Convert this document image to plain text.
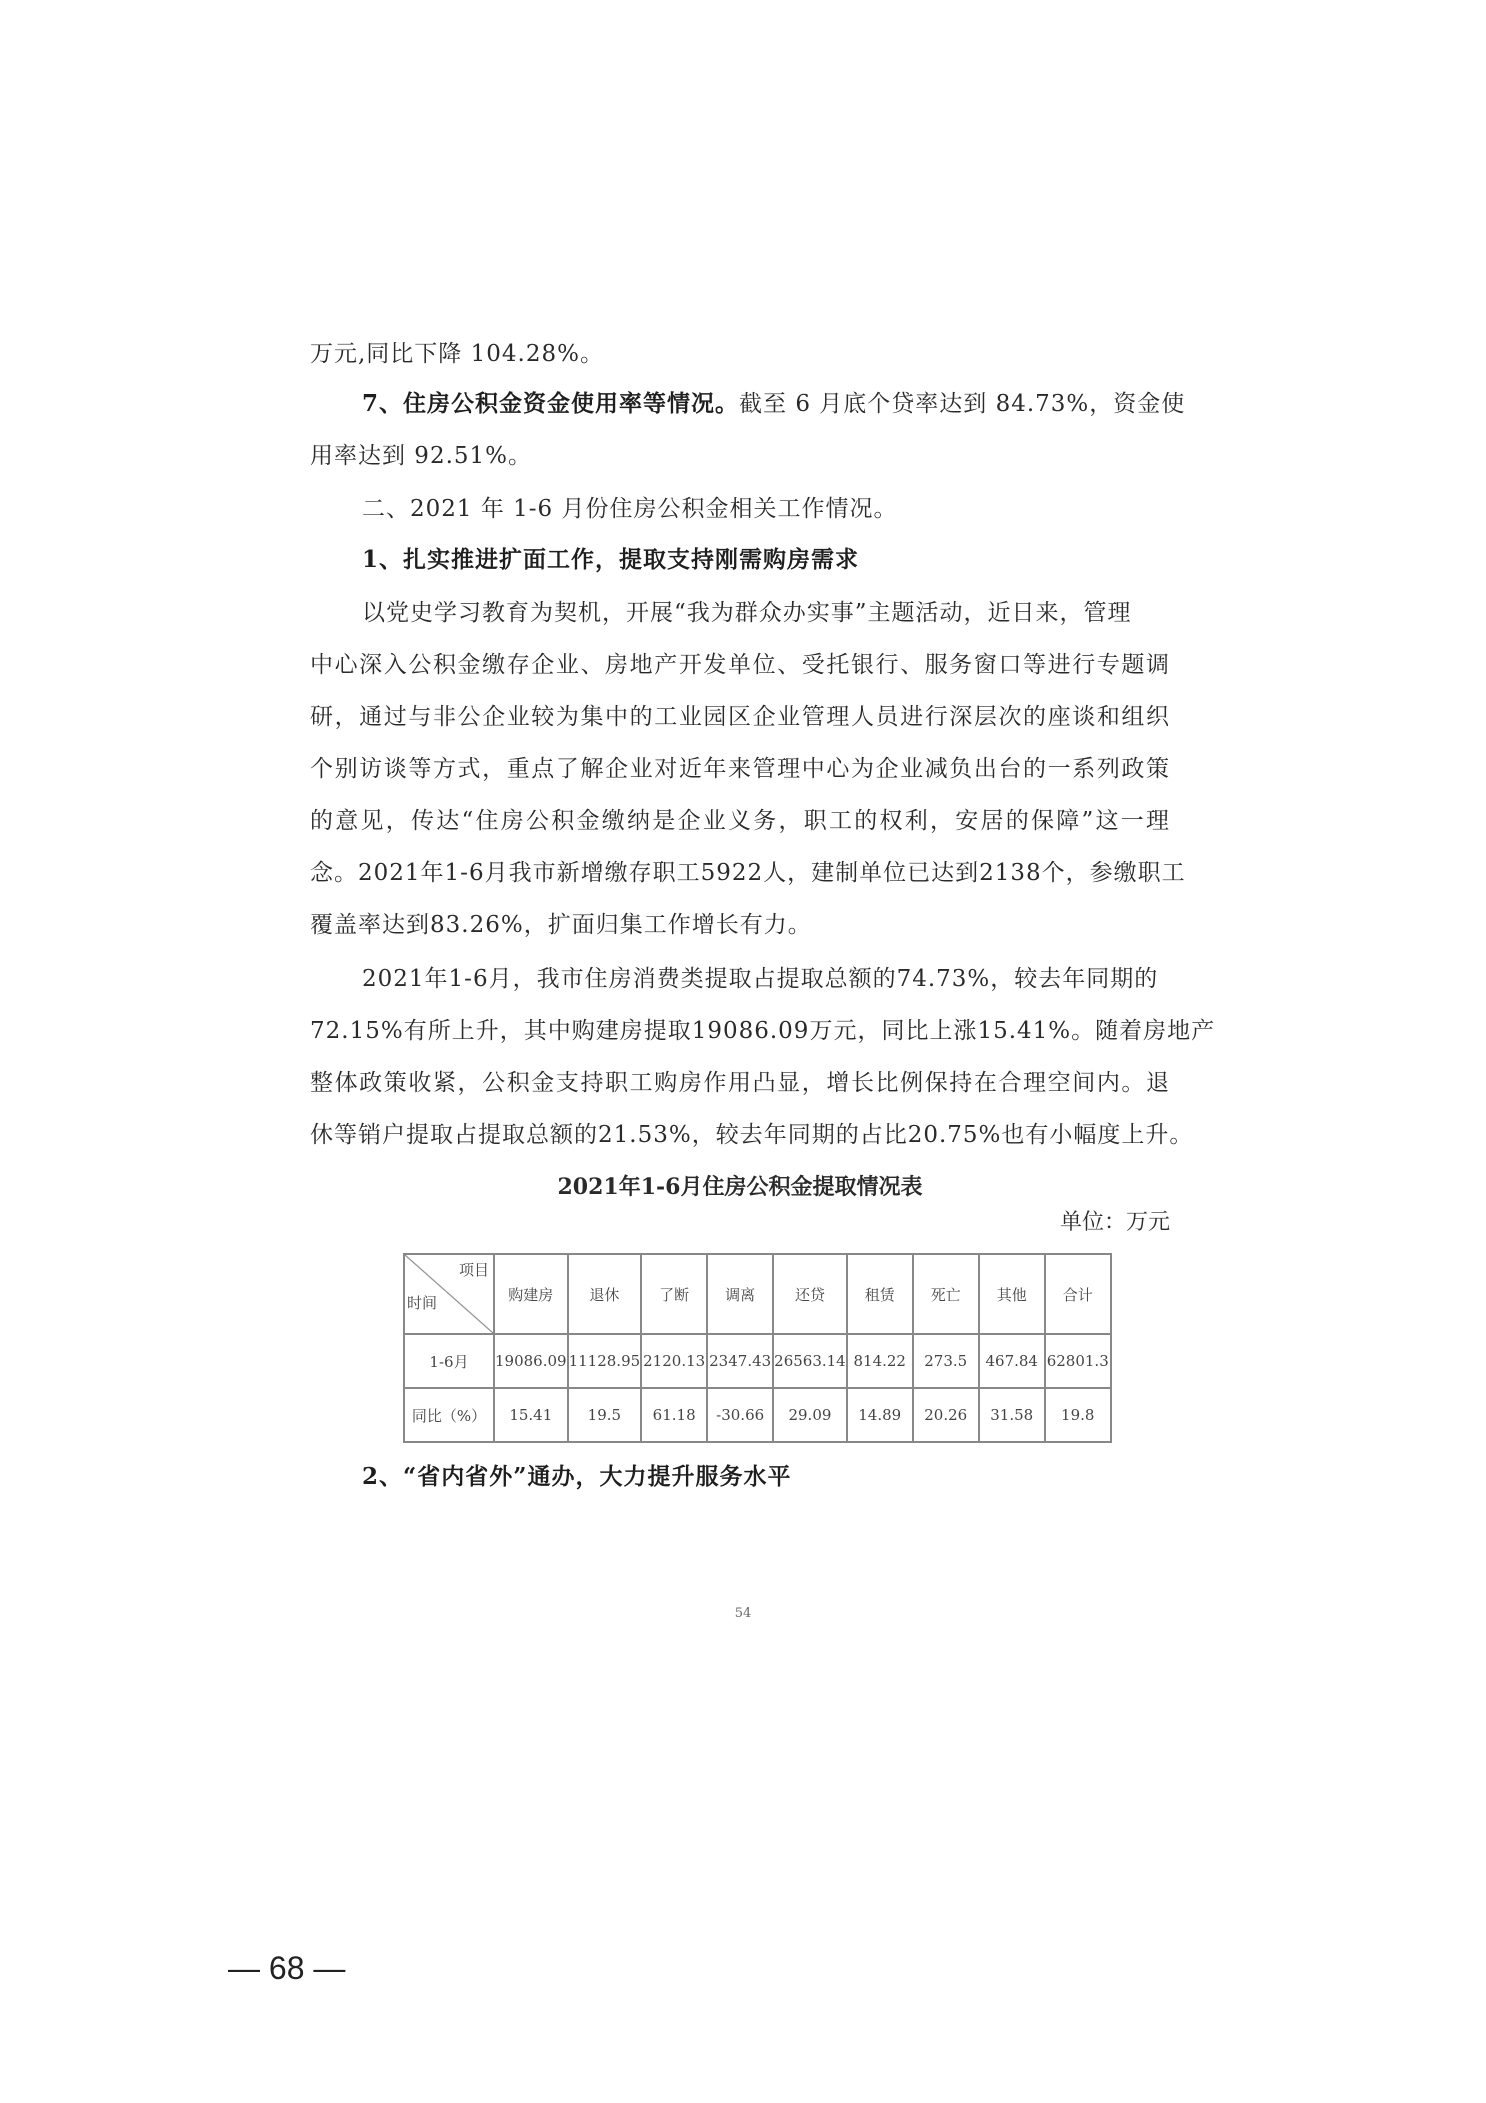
万元,同比下降 104.28%。
7、住房公积金资金使用率等情况。截至 6 月底个贷率达到 84.73%，资金使
用率达到 92.51%。
二、2021 年 1-6 月份住房公积金相关工作情况。
1、扎实推进扩面工作，提取支持刚需购房需求
以党史学习教育为契机，开展“我为群众办实事”主题活动，近日来，管理
中心深入公积金缴存企业、房地产开发单位、受托银行、服务窗口等进行专题调
研，通过与非公企业较为集中的工业园区企业管理人员进行深层次的座谈和组织
个别访谈等方式，重点了解企业对近年来管理中心为企业减负出台的一系列政策
的意见，传达“住房公积金缴纳是企业义务，职工的权利，安居的保障”这一理
念。2021年1-6月我市新增缴存职工5922人，建制单位已达到2138个，参缴职工
覆盖率达到83.26%，扩面归集工作增长有力。
2021年1-6月，我市住房消费类提取占提取总额的74.73%，较去年同期的
72.15%有所上升，其中购建房提取19086.09万元，同比上涨15.41%。随着房地产
整体政策收紧，公积金支持职工购房作用凸显，增长比例保持在合理空间内。退
休等销户提取占提取总额的21.53%，较去年同期的占比20.75%也有小幅度上升。
2021年1-6月住房公积金提取情况表
单位：万元
项目
时间	购建房	退休	了断	调离	还贷	租赁	死亡	其他	合计
1-6月	19086.09	11128.95	2120.13	2347.43	26563.14	814.22	273.5	467.84	62801.3
同比（%）	15.41	19.5	61.18	-30.66	29.09	14.89	20.26	31.58	19.8
2、“省内省外”通办，大力提升服务水平
54
— 68 —
